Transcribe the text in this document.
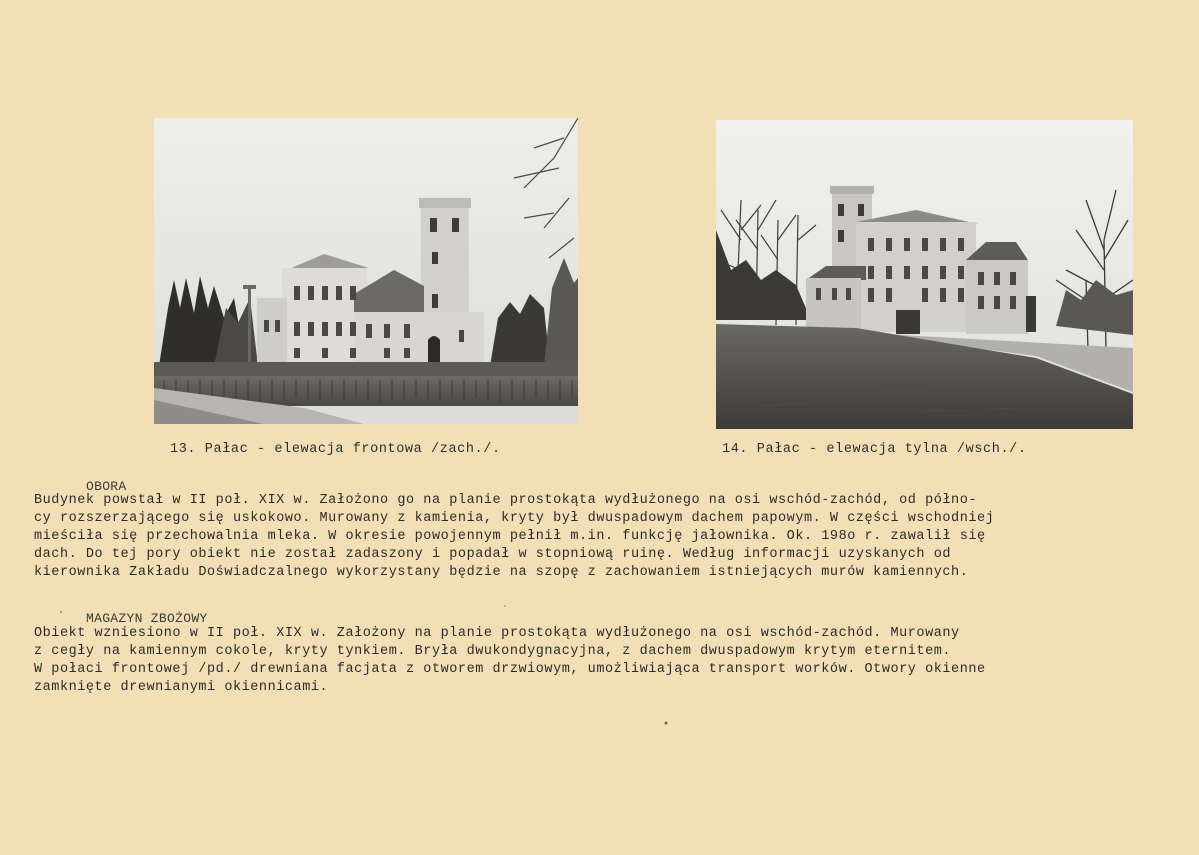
13. Pałac - elewacja frontowa /zach./.	14. Pałac - elewacja tylna /wsch./.
OBORA
Budynek powstał w II poł. XIX w. Założono go na planie prostokąta wydłużonego na osi wschód-zachód, od półno-
cy rozszerzającego się uskokowo. Murowany z kamienia, kryty był dwuspadowym dachem papowym. W części wschodniej
mieściła się przechowalnia mleka. W okresie powojennym pełnił m.in. funkcję jałownika. Ok. 198o r. zawalił się
dach. Do tej pory obiekt nie został zadaszony i popadał w stopniową ruinę. Według informacji uzyskanych od
kierownika Zakładu Doświadczalnego wykorzystany będzie na szopę z zachowaniem istniejących murów kamiennych.
MAGAZYN ZBOŻOWY
Obiekt wzniesiono w II poł. XIX w. Założony na planie prostokąta wydłużonego na osi wschód-zachód. Murowany
z cegły na kamiennym cokole, kryty tynkiem. Bryła dwukondygnacyjna, z dachem dwuspadowym krytym eternitem.
W połaci frontowej /pd./ drewniana facjata z otworem drzwiowym, umożliwiająca transport worków. Otwory okienne
zamknięte drewnianymi okiennicami.
